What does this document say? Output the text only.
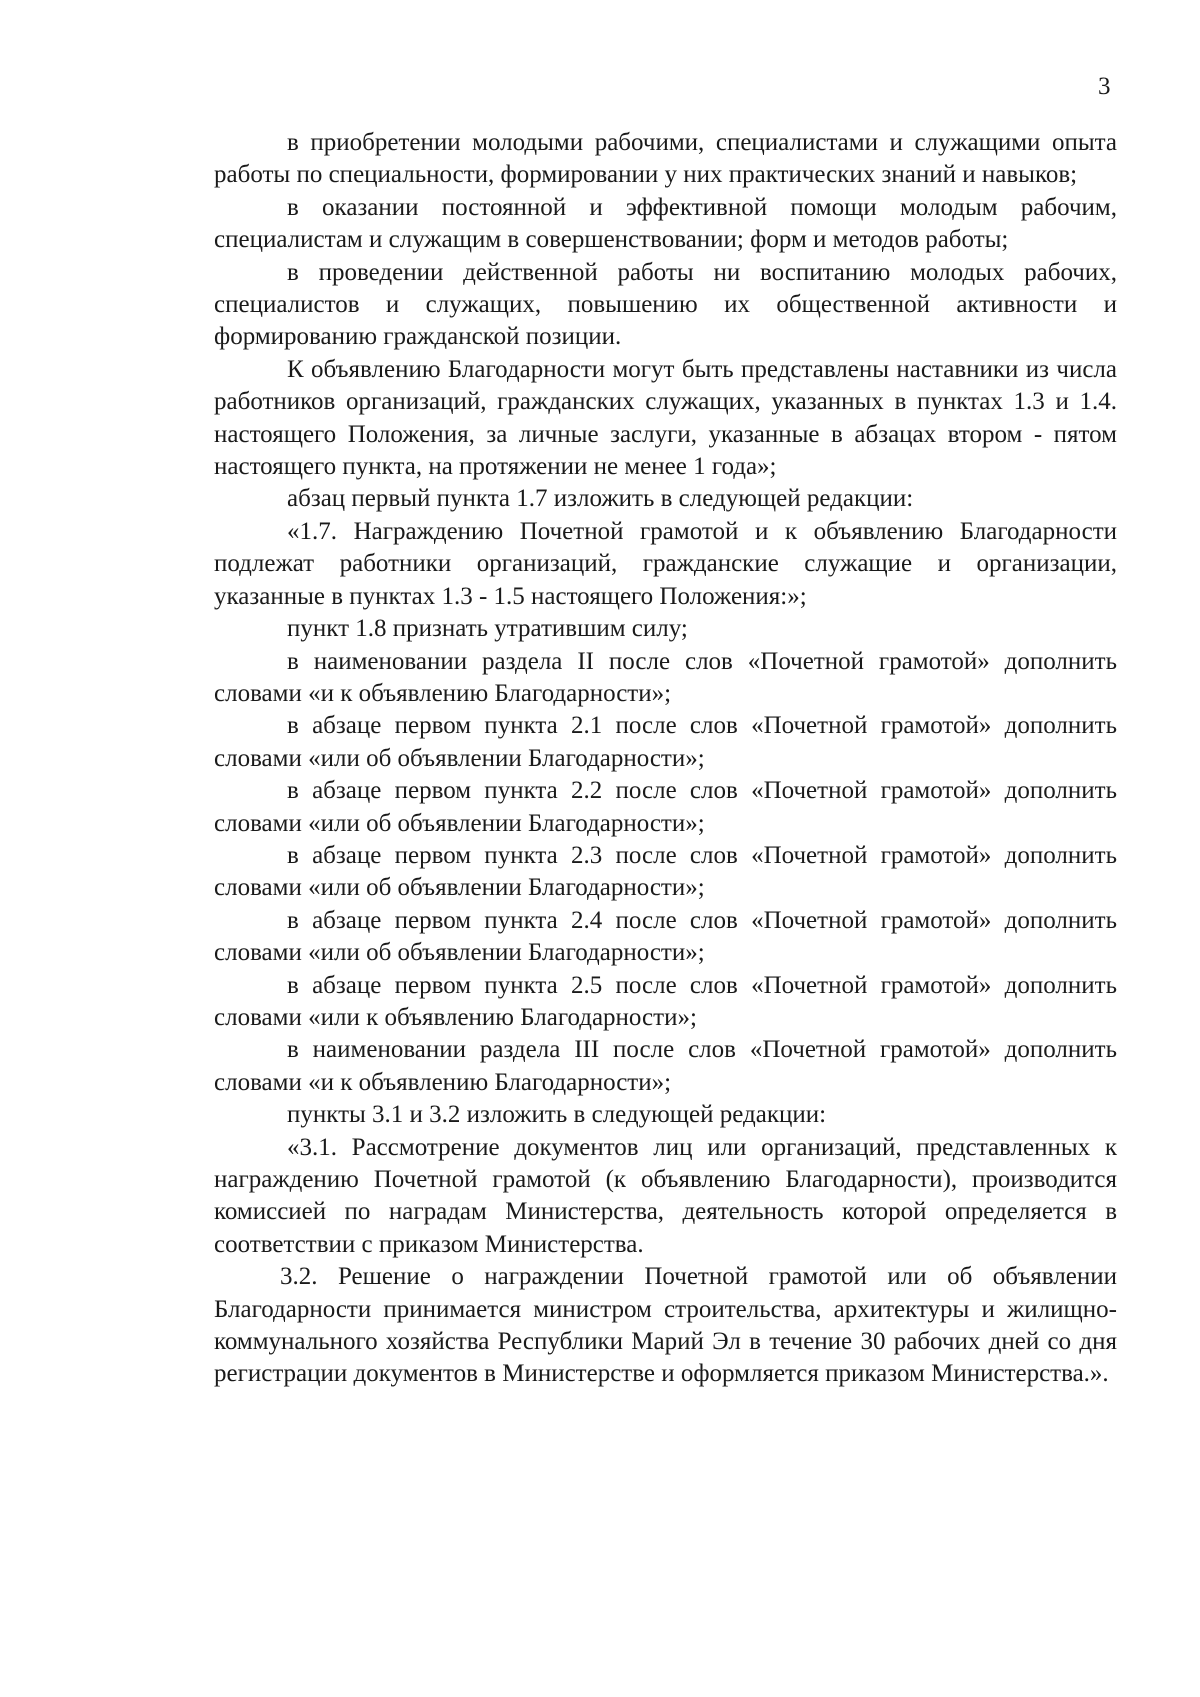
3

в приобретении молодыми рабочими, специалистами и служащими опыта работы по специальности, формировании у них практических знаний и навыков;

в оказании постоянной и эффективной помощи молодым рабочим, специалистам и служащим в совершенствовании; форм и методов работы;

в проведении действенной работы ни воспитанию молодых рабочих, специалистов и служащих, повышению их общественной активности и формированию гражданской позиции.

К объявлению Благодарности могут быть представлены наставники из числа работников организаций, гражданских служащих, указанных в пунктах 1.3 и 1.4. настоящего Положения, за личные заслуги, указанные в абзацах втором - пятом настоящего пункта, на протяжении не менее 1 года»;

абзац первый пункта 1.7 изложить в следующей редакции:

«1.7. Награждению Почетной грамотой и к объявлению Благодарности подлежат работники организаций, гражданские служащие и организации, указанные в пунктах 1.3 - 1.5 настоящего Положения:»;

пункт 1.8 признать утратившим силу;

в наименовании раздела II после слов «Почетной грамотой» дополнить словами «и к объявлению Благодарности»;

в абзаце первом пункта 2.1 после слов «Почетной грамотой» дополнить словами «или об объявлении Благодарности»;

в абзаце первом пункта 2.2 после слов «Почетной грамотой» дополнить словами «или об объявлении Благодарности»;

в абзаце первом пункта 2.3 после слов «Почетной грамотой» дополнить словами «или об объявлении Благодарности»;

в абзаце первом пункта 2.4 после слов «Почетной грамотой» дополнить словами «или об объявлении Благодарности»;

в абзаце первом пункта 2.5 после слов «Почетной грамотой» дополнить словами «или к объявлению Благодарности»;

в наименовании раздела III после слов «Почетной грамотой» дополнить словами «и к объявлению Благодарности»;

пункты 3.1 и 3.2 изложить в следующей редакции:

«3.1. Рассмотрение документов лиц или организаций, представленных к награждению Почетной грамотой (к объявлению Благодарности), производится комиссией по наградам Министерства, деятельность которой определяется в соответствии с приказом Министерства.

3.2. Решение о награждении Почетной грамотой или об объявлении Благодарности принимается министром строительства, архитектуры и жилищно-коммунального хозяйства Республики Марий Эл в течение 30 рабочих дней со дня регистрации документов в Министерстве и оформляется приказом Министерства.».
